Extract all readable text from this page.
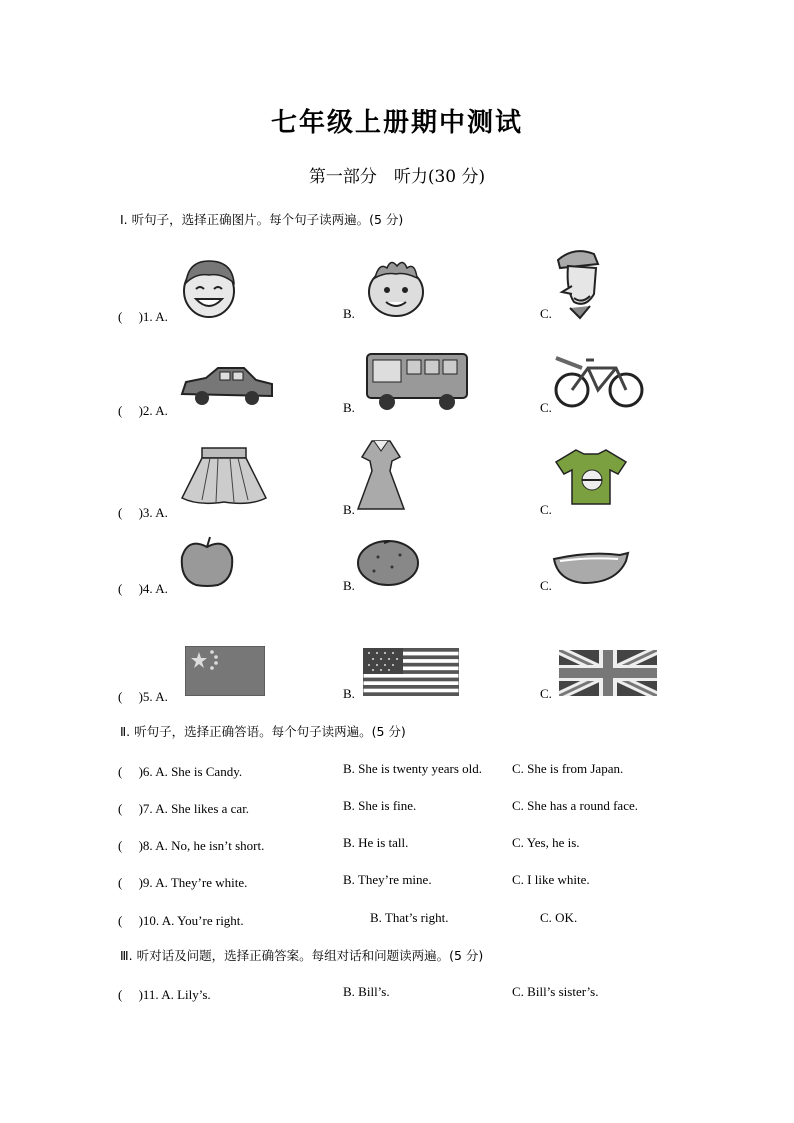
七年级上册期中测试
第一部分　听力(30 分)
Ⅰ. 听句子，选择正确图片。每个句子读两遍。(5 分)
(　 )1. A.	B.	C.
(　 )2. A.	B.	C.
(　 )3. A.	B.	C.
(　 )4. A.	B.	C.
(　 )5. A.	B.	C.
Ⅱ. 听句子，选择正确答语。每个句子读两遍。(5 分)
(　 )6. A. She is Candy.	B. She is twenty years old. C. She is from Japan.
(　 )7. A. She likes a car.	B. She is fine.	C. She has a round face.
(　 )8. A. No, he isn’t short.	B. He is tall.	C. Yes, he is.
(　 )9. A. They’re white.	B. They’re mine.	C. I like white.
(　 )10. A. You’re right.	B. That’s right.	C. OK.
Ⅲ. 听对话及问题，选择正确答案。每组对话和问题读两遍。(5 分)
(　 )11. A. Lily’s.	B. Bill’s.	C. Bill’s sister’s.
